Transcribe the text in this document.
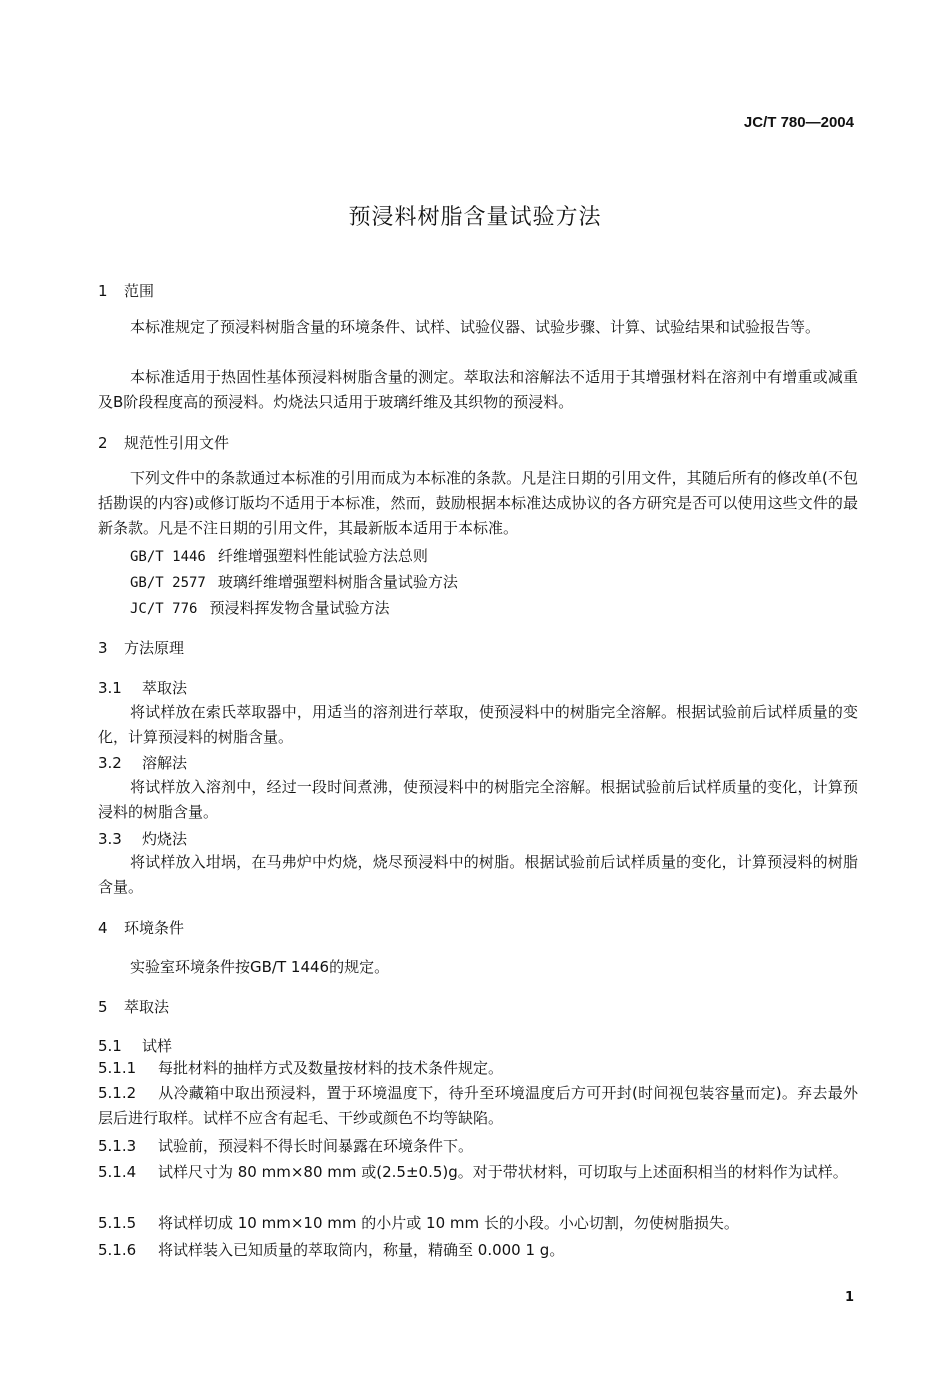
JC/T 780—2004
预浸料树脂含量试验方法
1 范围
本标准规定了预浸料树脂含量的环境条件、试样、试验仪器、试验步骤、计算、试验结果和试验报告等。
本标准适用于热固性基体预浸料树脂含量的测定。萃取法和溶解法不适用于其增强材料在溶剂中有增重或减重及B阶段程度高的预浸料。灼烧法只适用于玻璃纤维及其织物的预浸料。
2 规范性引用文件
下列文件中的条款通过本标准的引用而成为本标准的条款。凡是注日期的引用文件，其随后所有的修改单(不包括勘误的内容)或修订版均不适用于本标准，然而，鼓励根据本标准达成协议的各方研究是否可以使用这些文件的最新条款。凡是不注日期的引用文件，其最新版本适用于本标准。
GB/T 1446 纤维增强塑料性能试验方法总则
GB/T 2577 玻璃纤维增强塑料树脂含量试验方法
JC/T 776 预浸料挥发物含量试验方法
3 方法原理
3.1 萃取法
将试样放在索氏萃取器中，用适当的溶剂进行萃取，使预浸料中的树脂完全溶解。根据试验前后试样质量的变化，计算预浸料的树脂含量。
3.2 溶解法
将试样放入溶剂中，经过一段时间煮沸，使预浸料中的树脂完全溶解。根据试验前后试样质量的变化，计算预浸料的树脂含量。
3.3 灼烧法
将试样放入坩埚，在马弗炉中灼烧，烧尽预浸料中的树脂。根据试验前后试样质量的变化，计算预浸料的树脂含量。
4 环境条件
实验室环境条件按GB/T 1446的规定。
5 萃取法
5.1 试样
5.1.1 每批材料的抽样方式及数量按材料的技术条件规定。
5.1.2 从冷藏箱中取出预浸料，置于环境温度下，待升至环境温度后方可开封(时间视包装容量而定)。弃去最外层后进行取样。试样不应含有起毛、干纱或颜色不均等缺陷。
5.1.3 试验前，预浸料不得长时间暴露在环境条件下。
5.1.4 试样尺寸为 80 mm×80 mm 或(2.5±0.5)g。对于带状材料，可切取与上述面积相当的材料作为试样。
5.1.5 将试样切成 10 mm×10 mm 的小片或 10 mm 长的小段。小心切割，勿使树脂损失。
5.1.6 将试样装入已知质量的萃取筒内，称量，精确至 0.000 1 g。
1
